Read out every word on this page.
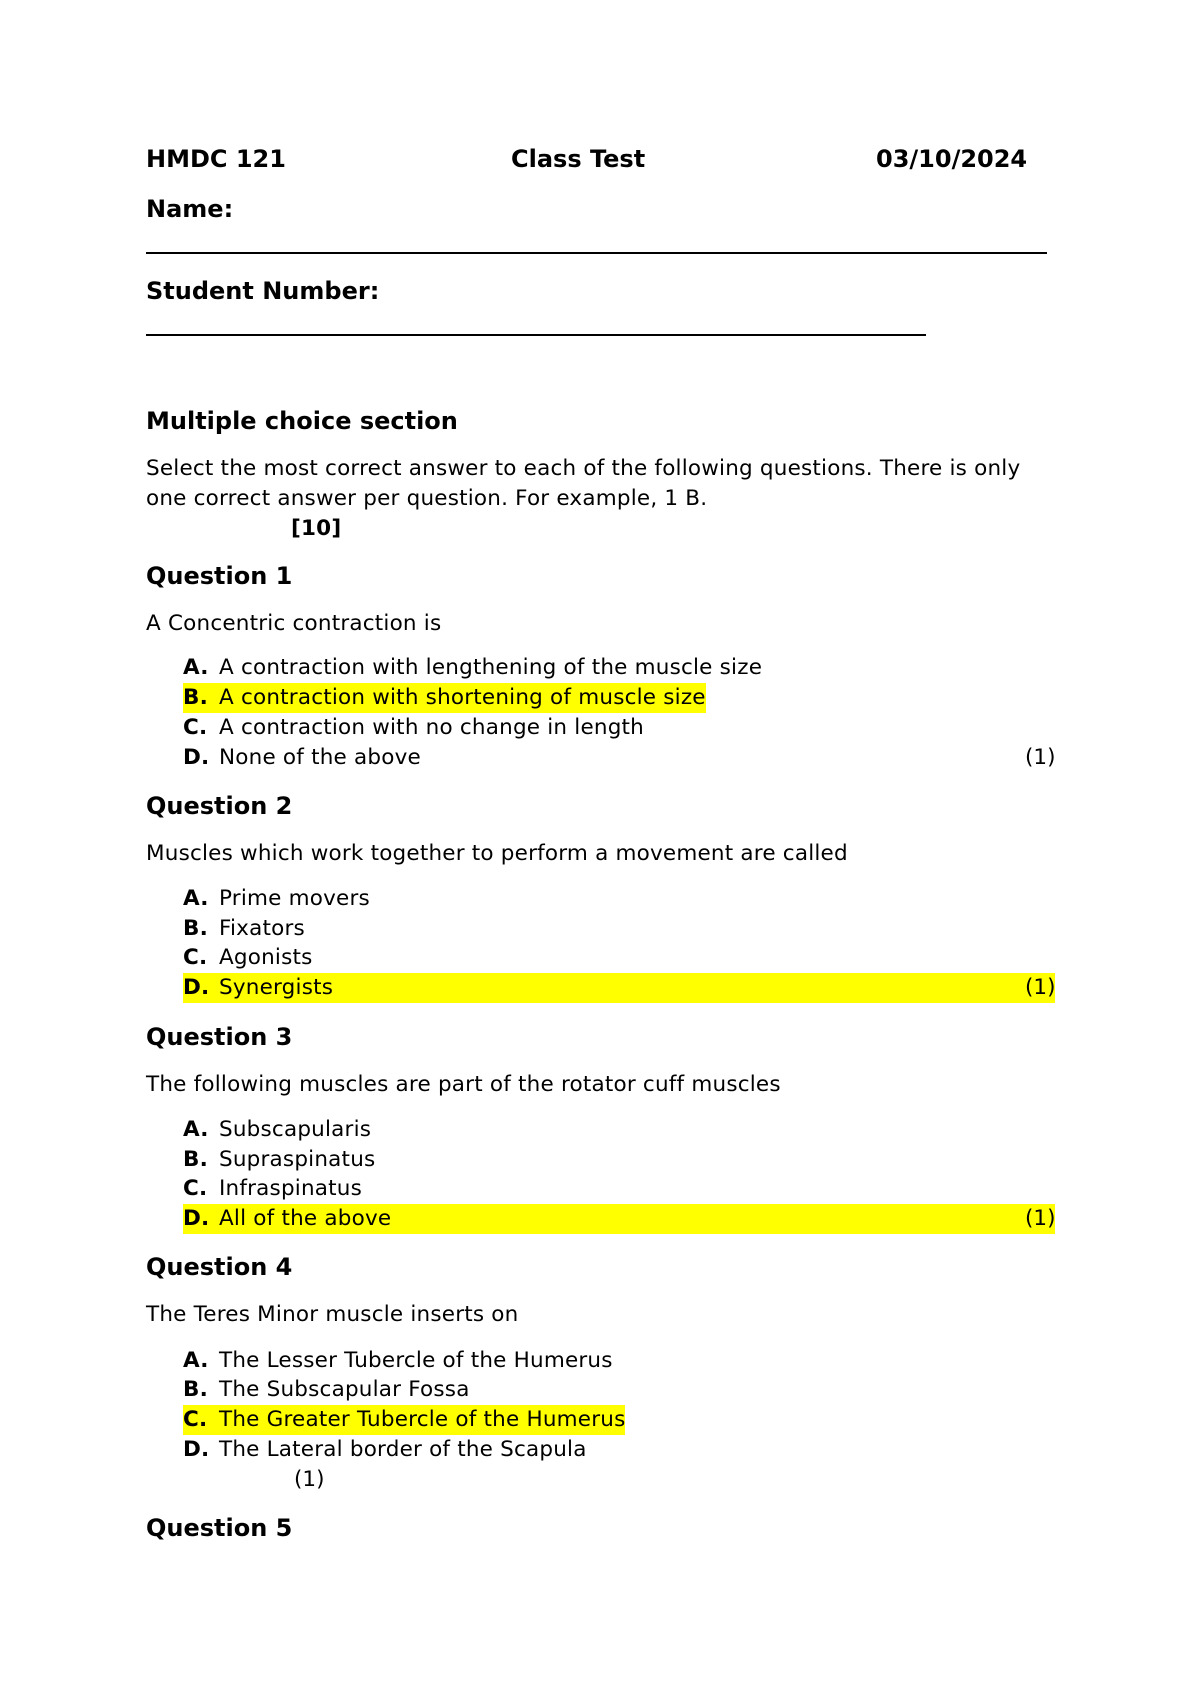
HMDC 121	Class Test	03/10/2024
Name:
Student Number:
Multiple choice section
Select the most correct answer to each of the following questions. There is only
one correct answer per question. For example, 1 B.
[10]
Question 1
A Concentric contraction is
A. A contraction with lengthening of the muscle size
B. A contraction with shortening of muscle size
C. A contraction with no change in length
D. None of the above	(1)
Question 2
Muscles which work together to perform a movement are called
A. Prime movers
B. Fixators
C. Agonists
D. Synergists	(1)
Question 3
The following muscles are part of the rotator cuff muscles
A. Subscapularis
B. Supraspinatus
C. Infraspinatus
D. All of the above	(1)
Question 4
The Teres Minor muscle inserts on
A. The Lesser Tubercle of the Humerus
B. The Subscapular Fossa
C. The Greater Tubercle of the Humerus
D. The Lateral border of the Scapula
(1)
Question 5
